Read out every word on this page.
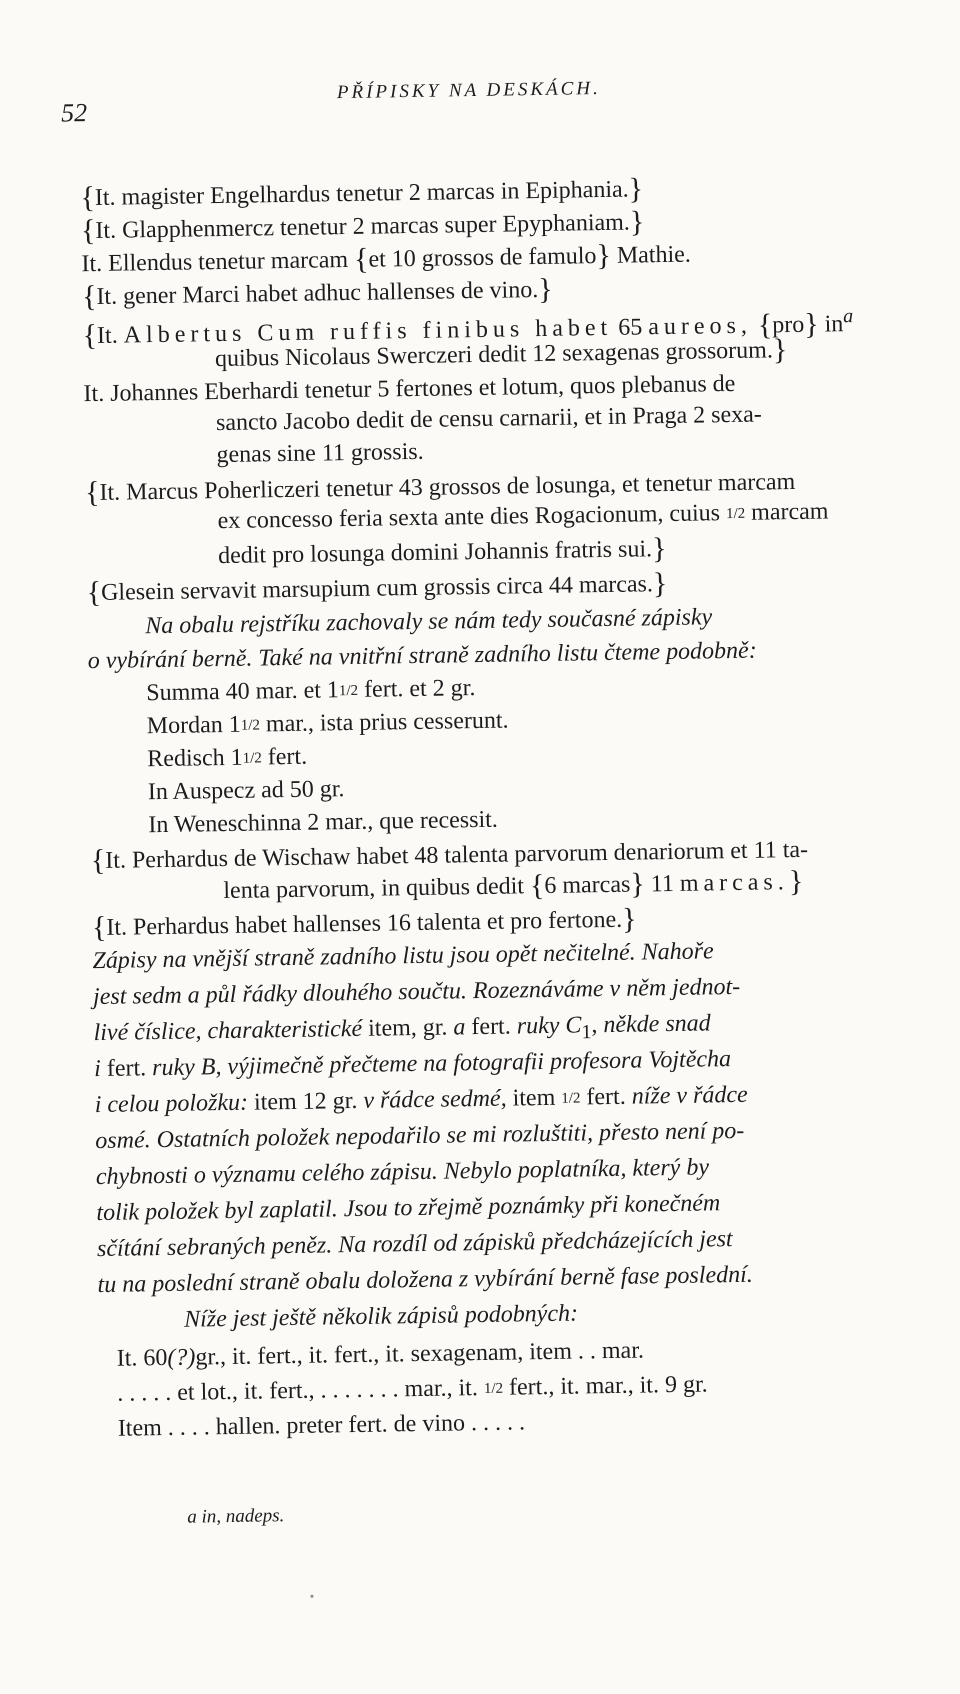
52
PŘÍPISKY NA DESKÁCH.
{It. magister Engelhardus tenetur 2 marcas in Epiphania.}
{It. Glapphenmercz tenetur 2 marcas super Epyphaniam.}
It. Ellendus tenetur marcam {et 10 grossos de famulo} Mathie.
{It. gener Marci habet adhuc hallenses de vino.}
{It. Albertus Cum ruffis finibus habet 65 aureos, {pro} $in^a$
quibus Nicolaus Swerczeri dedit 12 sexagenas grossorum.}
It. Johannes Eberhardi tenetur 5 fertones et lotum, quos plebanus de
sancto Jacobo dedit de censu carnarii, et in Praga 2 sexa-
genas sine 11 grossis.
{It. Marcus Poherliczeri tenetur 43 grossos de losunga, et tenetur marcam
ex concesso feria sexta ante dies Rogacionum, cuius 1/2 marcam
dedit pro losunga domini Johannis fratris sui.}
{Glesein servavit marsupium cum grossis circa 44 marcas.}
Na obalu rejstříku zachovaly se nám tedy současné zápisky
o vybírání berně. Také na vnitřní straně zadního listu čteme podobně:
Summa 40 mar. et 11/2 fert. et 2 gr.
Mordan 11/2 mar., ista prius cesserunt.
Redisch 11/2 fert.
In Auspecz ad 50 gr.
In Weneschinna 2 mar., que recessit.
{It. Perhardus de Wischaw habet 48 talenta parvorum denariorum et 11 ta-
lenta parvorum, in quibus dedit {6 marcas} 11 marcas.}
{It. Perhardus habet hallenses 16 talenta et pro fertone.}
Zápisy na vnější straně zadního listu jsou opět nečitelné. Nahoře
jest sedm a půl řádky dlouhého součtu. Rozeznáváme v něm jednot-
livé číslice, charakteristické item, gr. a fert. ruky $C_1$, někde snad
i fert. ruky B, výjimečně přečteme na fotografii profesora Vojtěcha
i celou položku: item 12 gr. v řádce sedmé, item 1/2 fert. níže v řádce
osmé. Ostatních položek nepodařilo se mi rozluštiti, přesto není po-
chybnosti o významu celého zápisu. Nebylo poplatníka, který by
tolik položek byl zaplatil. Jsou to zřejmě poznámky při konečném
sčítání sebraných peněz. Na rozdíl od zápisků předcházejících jest
tu na poslední straně obalu doložena z vybírání berně fase poslední.
Níže jest ještě několik zápisů podobných:
It. 60(?)gr., it. fert., it. fert., it. sexagenam, item . . mar.
. . . . . et lot., it. fert., . . . . . . . mar., it. 1/2 fert., it. mar., it. 9 gr.
Item . . . . hallen. preter fert. de vino . . . . .
a in, nadeps.
